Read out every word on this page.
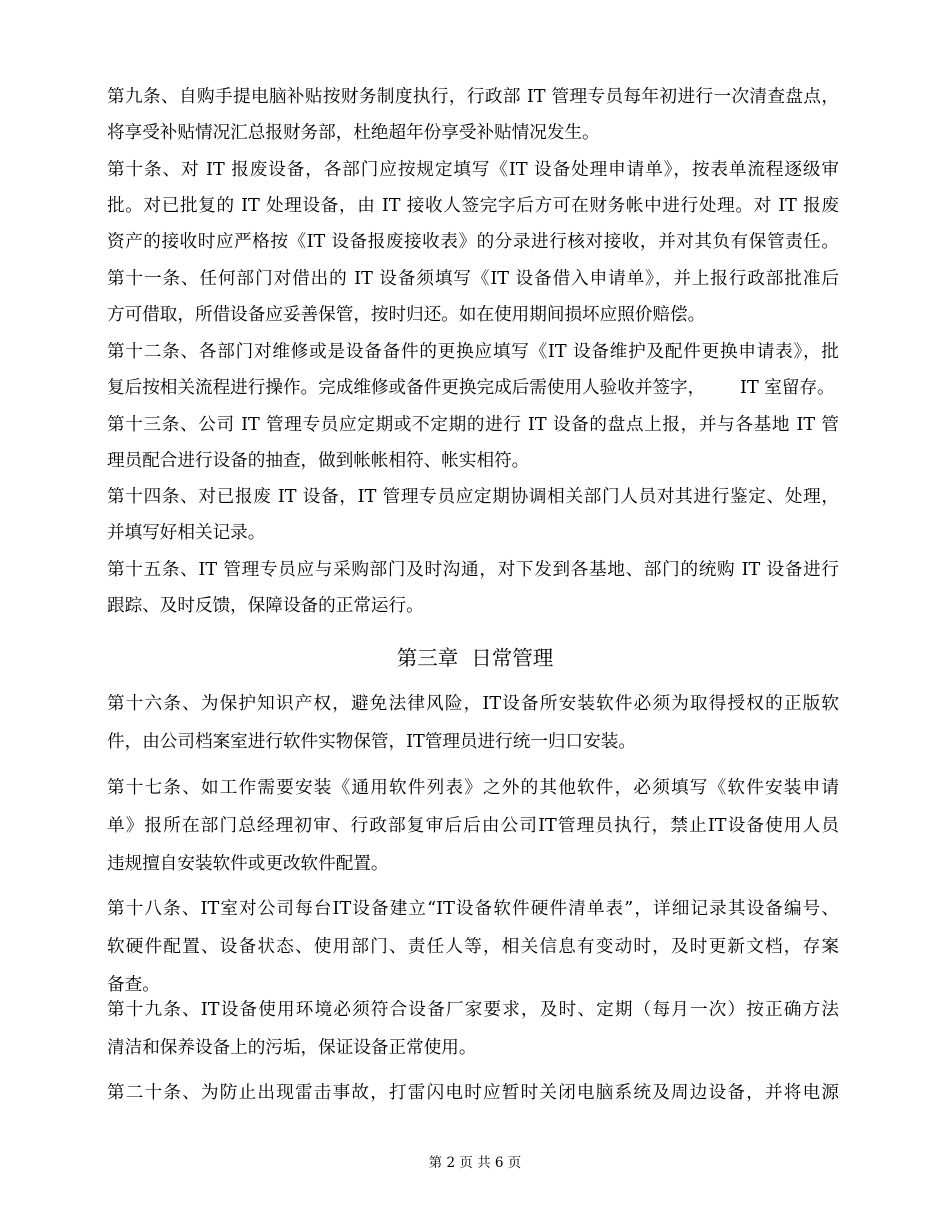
第九条、自购手提电脑补贴按财务制度执行，行政部 IT 管理专员每年初进行一次清查盘点，
将享受补贴情况汇总报财务部，杜绝超年份享受补贴情况发生。
第十条、对 IT 报废设备，各部门应按规定填写《IT 设备处理申请单》，按表单流程逐级审
批。对已批复的 IT 处理设备，由 IT 接收人签完字后方可在财务帐中进行处理。对 IT 报废
资产的接收时应严格按《IT 设备报废接收表》的分录进行核对接收，并对其负有保管责任。
第十一条、任何部门对借出的 IT 设备须填写《IT 设备借入申请单》，并上报行政部批准后
方可借取，所借设备应妥善保管，按时归还。如在使用期间损坏应照价赔偿。
第十二条、各部门对维修或是设备备件的更换应填写《IT 设备维护及配件更换申请表》，批
复后按相关流程进行操作。完成维修或备件更换完成后需使用人验收并签字， IT 室留存。
第十三条、公司 IT 管理专员应定期或不定期的进行 IT 设备的盘点上报，并与各基地 IT 管
理员配合进行设备的抽查，做到帐帐相符、帐实相符。
第十四条、对已报废 IT 设备，IT 管理专员应定期协调相关部门人员对其进行鉴定、处理，
并填写好相关记录。
第十五条、IT 管理专员应与采购部门及时沟通，对下发到各基地、部门的统购 IT 设备进行
跟踪、及时反馈，保障设备的正常运行。
第三章  日常管理
第十六条、为保护知识产权，避免法律风险，IT设备所安装软件必须为取得授权的正版软
件，由公司档案室进行软件实物保管，IT管理员进行统一归口安装。
第十七条、如工作需要安装《通用软件列表》之外的其他软件，必须填写《软件安装申请
单》报所在部门总经理初审、行政部复审后后由公司IT管理员执行，禁止IT设备使用人员
违规擅自安装软件或更改软件配置。
第十八条、IT室对公司每台IT设备建立“IT设备软件硬件清单表”，详细记录其设备编号、
软硬件配置、设备状态、使用部门、责任人等，相关信息有变动时，及时更新文档，存案
备查。
第十九条、IT设备使用环境必须符合设备厂家要求，及时、定期（每月一次）按正确方法
清洁和保养设备上的污垢，保证设备正常使用。
第二十条、为防止出现雷击事故，打雷闪电时应暂时关闭电脑系统及周边设备，并将电源
第 2 页 共 6 页
